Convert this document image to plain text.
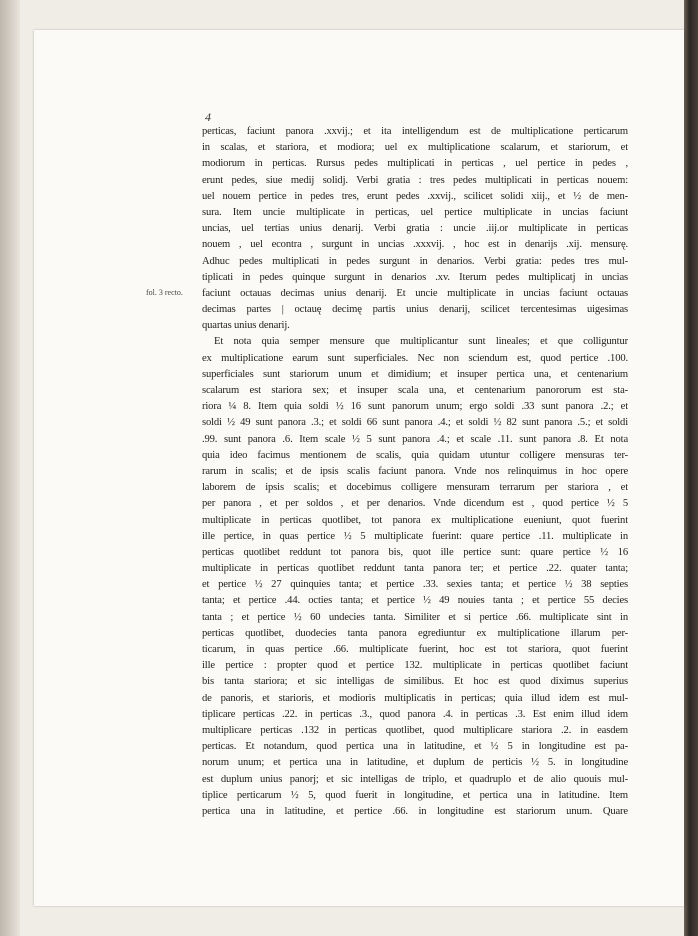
4
fol. 3 recto.
perticas, faciunt panora .xxvij.; et ita intelligendum est de multiplicatione perticarum
in scalas, et stariora, et modiora; uel ex multiplicatione scalarum, et stariorum, et
modiorum in perticas. Rursus pedes multiplicati in perticas , uel pertice in pedes ,
erunt pedes, siue medij solidj. Verbi gratia : tres pedes multiplicati in perticas nouem:
uel nouem pertice in pedes tres, erunt pedes .xxvij., scilicet solidi xiij., et ½ de men-
sura. Item uncie multiplicate in perticas, uel pertice multiplicate in uncias faciunt
uncias, uel tertias unius denarij. Verbi gratia : uncie .iij.or multiplicate in perticas
nouem , uel econtra , surgunt in uncias .xxxvij. , hoc est in denarijs .xij. mensurę.
Adhuc pedes multiplicati in pedes surgunt in denarios. Verbi gratia: pedes tres mul-
tiplicati in pedes quinque surgunt in denarios .xv. Iterum pedes multiplicatj in uncias
faciunt octauas decimas unius denarij. Et uncie multiplicate in uncias faciunt octauas
decimas partes | octauę decimę partis unius denarij, scilicet tercentesimas uigesimas
quartas unius denarij.
Et nota quia semper mensure que multiplicantur sunt lineales; et que colliguntur
ex multiplicatione earum sunt superficiales. Nec non sciendum est, quod pertice .100.
superficiales sunt stariorum unum et dimidium; et insuper pertica una, et centenarium
scalarum est stariora sex; et insuper scala una, et centenarium panororum est sta-
riora ¼ 8. Item quia soldi ½ 16 sunt panorum unum; ergo soldi .33 sunt panora .2.; et
soldi ½ 49 sunt panora .3.; et soldi 66 sunt panora .4.; et soldi ½ 82 sunt panora .5.; et soldi
.99. sunt panora .6. Item scale ½ 5 sunt panora .4.; et scale .11. sunt panora .8. Et nota
quia ideo facimus mentionem de scalis, quia quidam utuntur colligere mensuras ter-
rarum in scalis; et de ipsis scalis faciunt panora. Vnde nos relinquimus in hoc opere
laborem de ipsis scalis; et docebimus colligere mensuram terrarum per stariora , et
per panora , et per soldos , et per denarios. Vnde dicendum est , quod pertice ½ 5
multiplicate in perticas quotlibet, tot panora ex multiplicatione eueniunt, quot fuerint
ille pertice, in quas pertice ½ 5 multiplicate fuerint: quare pertice .11. multiplicate in
perticas quotlibet reddunt tot panora bis, quot ille pertice sunt: quare pertice ½ 16
multiplicate in perticas quotlibet reddunt tanta panora ter; et pertice .22. quater tanta;
et pertice ½ 27 quinquies tanta; et pertice .33. sexies tanta; et pertice ½ 38 septies
tanta; et pertice .44. octies tanta; et pertice ½ 49 nouies tanta ; et pertice 55 decies
tanta ; et pertice ½ 60 undecies tanta. Similiter et si pertice .66. multiplicate sint in
perticas quotlibet, duodecies tanta panora egrediuntur ex multiplicatione illarum per-
ticarum, in quas pertice .66. multiplicate fuerint, hoc est tot stariora, quot fuerint
ille pertice : propter quod et pertice 132. multiplicate in perticas quotlibet faciunt
bis tanta stariora; et sic intelligas de similibus. Et hoc est quod diximus superius
de panoris, et starioris, et modioris multiplicatis in perticas; quia illud idem est mul-
tiplicare perticas .22. in perticas .3., quod panora .4. in perticas .3. Est enim illud idem
multiplicare perticas .132 in perticas quotlibet, quod multiplicare stariora .2. in easdem
perticas. Et notandum, quod pertica una in latitudine, et ½ 5 in longitudine est pa-
norum unum; et pertica una in latitudine, et duplum de perticis ½ 5. in longitudine
est duplum unius panorj; et sic intelligas de triplo, et quadruplo et de alio quouis mul-
tiplice perticarum ½ 5, quod fuerit in longitudine, et pertica una in latitudine. Item
pertica una in latitudine, et pertice .66. in longitudine est stariorum unum. Quare
